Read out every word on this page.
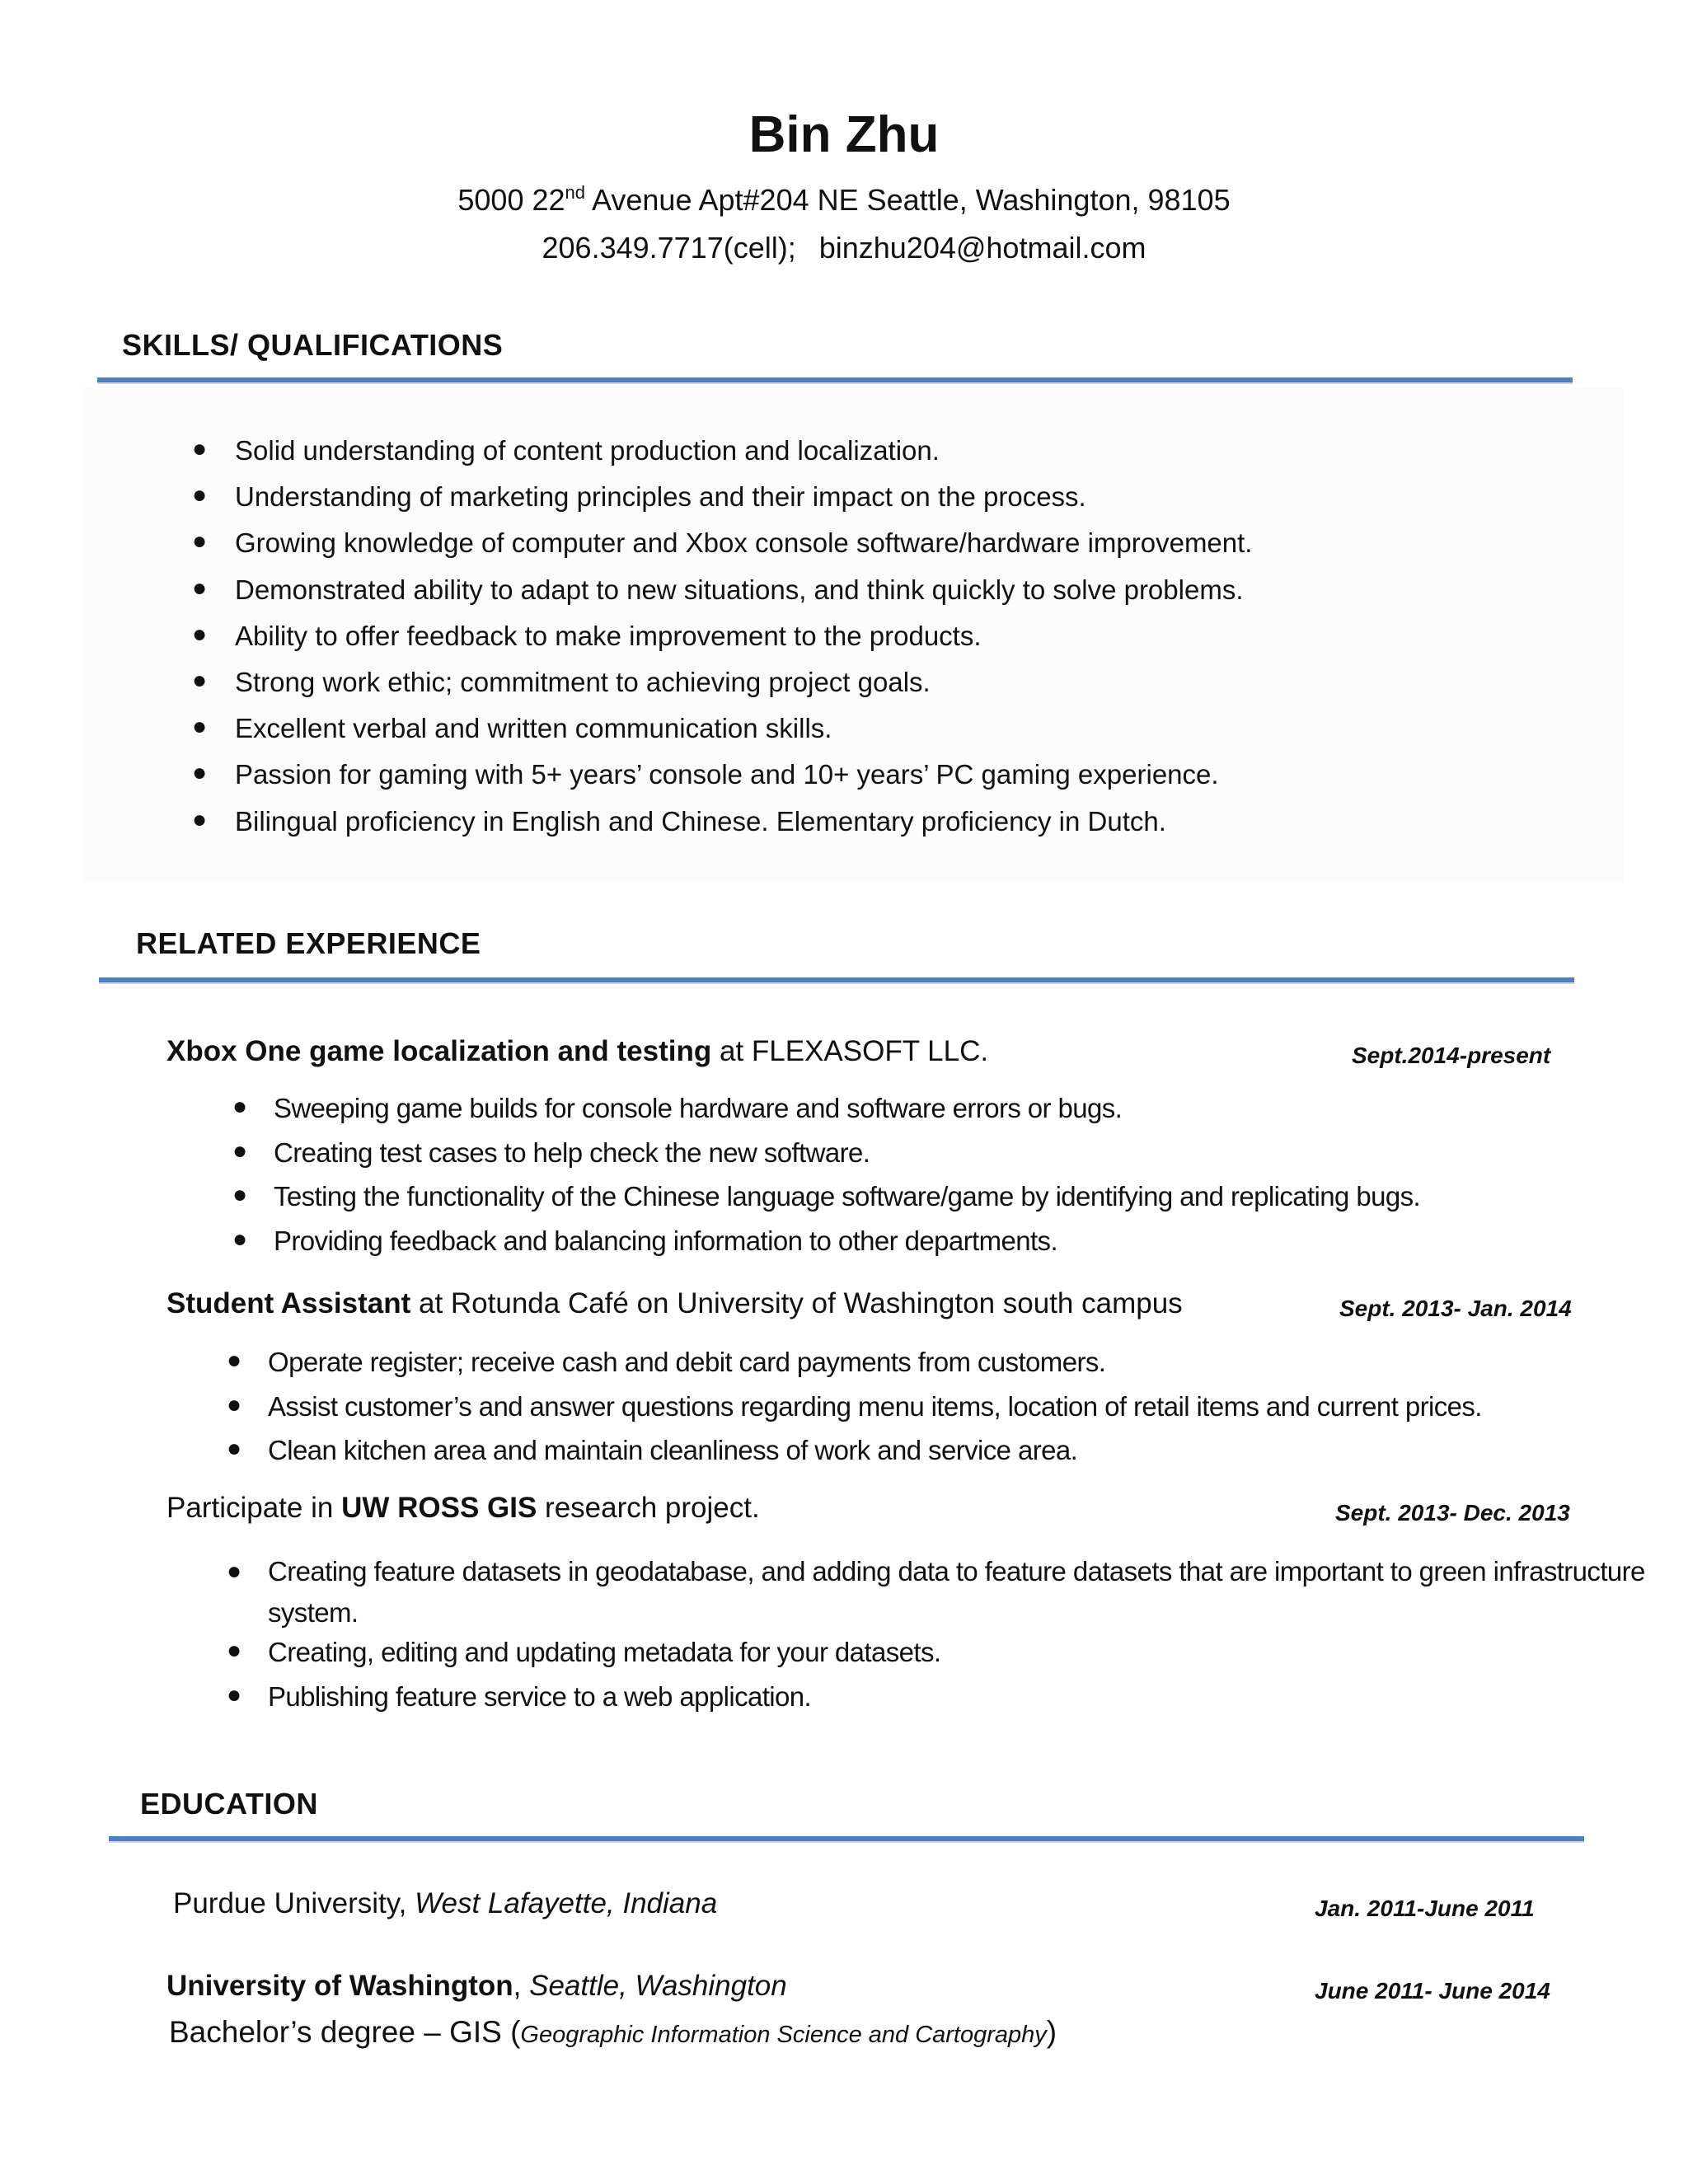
Bin Zhu
5000 22nd Avenue Apt#204 NE Seattle, Washington, 98105
206.349.7717(cell); binzhu204@hotmail.com
SKILLS/ QUALIFICATIONS
● Solid understanding of content production and localization.
● Understanding of marketing principles and their impact on the process.
● Growing knowledge of computer and Xbox console software/hardware improvement.
● Demonstrated ability to adapt to new situations, and think quickly to solve problems.
● Ability to offer feedback to make improvement to the products.
● Strong work ethic; commitment to achieving project goals.
● Excellent verbal and written communication skills.
● Passion for gaming with 5+ years’ console and 10+ years’ PC gaming experience.
● Bilingual proficiency in English and Chinese. Elementary proficiency in Dutch.
RELATED EXPERIENCE
Xbox One game localization and testing at FLEXASOFT LLC.	Sept.2014-present
● Sweeping game builds for console hardware and software errors or bugs.
● Creating test cases to help check the new software.
● Testing the functionality of the Chinese language software/game by identifying and replicating bugs.
● Providing feedback and balancing information to other departments.
Student Assistant at Rotunda Café on University of Washington south campus	Sept. 2013- Jan. 2014
● Operate register; receive cash and debit card payments from customers.
● Assist customer’s and answer questions regarding menu items, location of retail items and current prices.
● Clean kitchen area and maintain cleanliness of work and service area.
Participate in UW ROSS GIS research project.	Sept. 2013- Dec. 2013
● Creating feature datasets in geodatabase, and adding data to feature datasets that are important to green infrastructure system.
● Creating, editing and updating metadata for your datasets.
● Publishing feature service to a web application.
EDUCATION
Purdue University, West Lafayette, Indiana	Jan. 2011-June 2011
University of Washington, Seattle, Washington	June 2011- June 2014
Bachelor’s degree – GIS (Geographic Information Science and Cartography)
